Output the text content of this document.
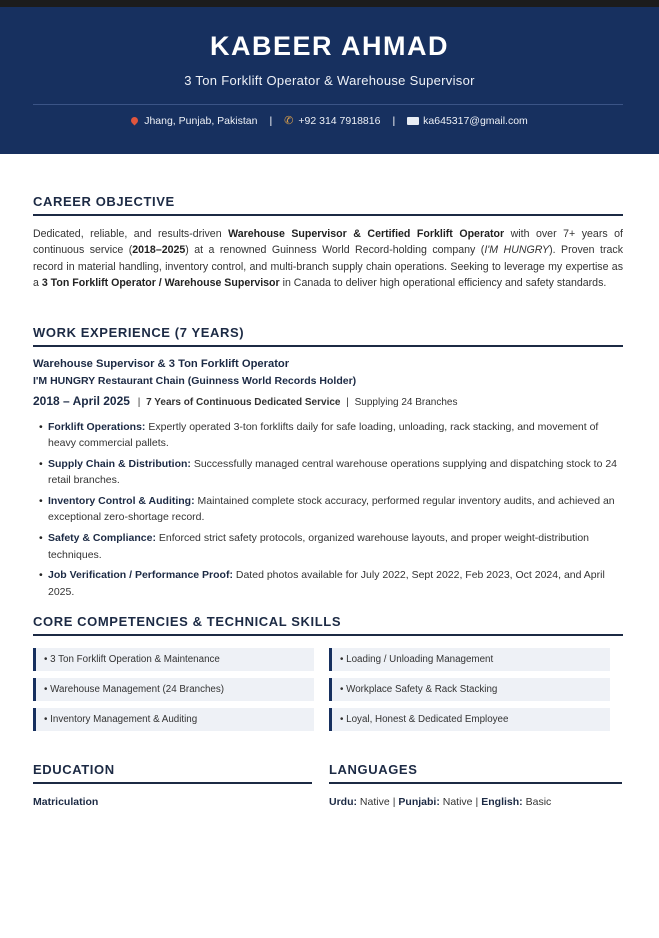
KABEER AHMAD
3 Ton Forklift Operator & Warehouse Supervisor
Jhang, Punjab, Pakistan | ✆ +92 314 7918816 |	ka645317@gmail.com
CAREER OBJECTIVE
Dedicated, reliable, and results-driven Warehouse Supervisor & Certified Forklift Operator with over 7+ years of continuous service (2018–2025) at a renowned Guinness World Record-holding company (I'M HUNGRY). Proven track record in material handling, inventory control, and multi-branch supply chain operations. Seeking to leverage my expertise as a 3 Ton Forklift Operator / Warehouse Supervisor in Canada to deliver high operational efficiency and safety standards.
WORK EXPERIENCE (7 YEARS)
Warehouse Supervisor & 3 Ton Forklift Operator
I'M HUNGRY Restaurant Chain (Guinness World Records Holder)
2018 – April 2025 | 7 Years of Continuous Dedicated Service | Supplying 24 Branches
• Forklift Operations: Expertly operated 3-ton forklifts daily for safe loading, unloading, rack stacking, and movement of heavy commercial pallets.
• Supply Chain & Distribution: Successfully managed central warehouse operations supplying and dispatching stock to 24 retail branches.
• Inventory Control & Auditing: Maintained complete stock accuracy, performed regular inventory audits, and achieved an exceptional zero-shortage record.
• Safety & Compliance: Enforced strict safety protocols, organized warehouse layouts, and proper weight-distribution techniques.
• Job Verification / Performance Proof: Dated photos available for July 2022, Sept 2022, Feb 2023, Oct 2024, and April 2025.
CORE COMPETENCIES & TECHNICAL SKILLS
• 3 Ton Forklift Operation & Maintenance	• Loading / Unloading Management
• Warehouse Management (24 Branches)	• Workplace Safety & Rack Stacking
• Inventory Management & Auditing	• Loyal, Honest & Dedicated Employee
EDUCATION
Matriculation
LANGUAGES
Urdu: Native | Punjabi: Native | English: Basic
